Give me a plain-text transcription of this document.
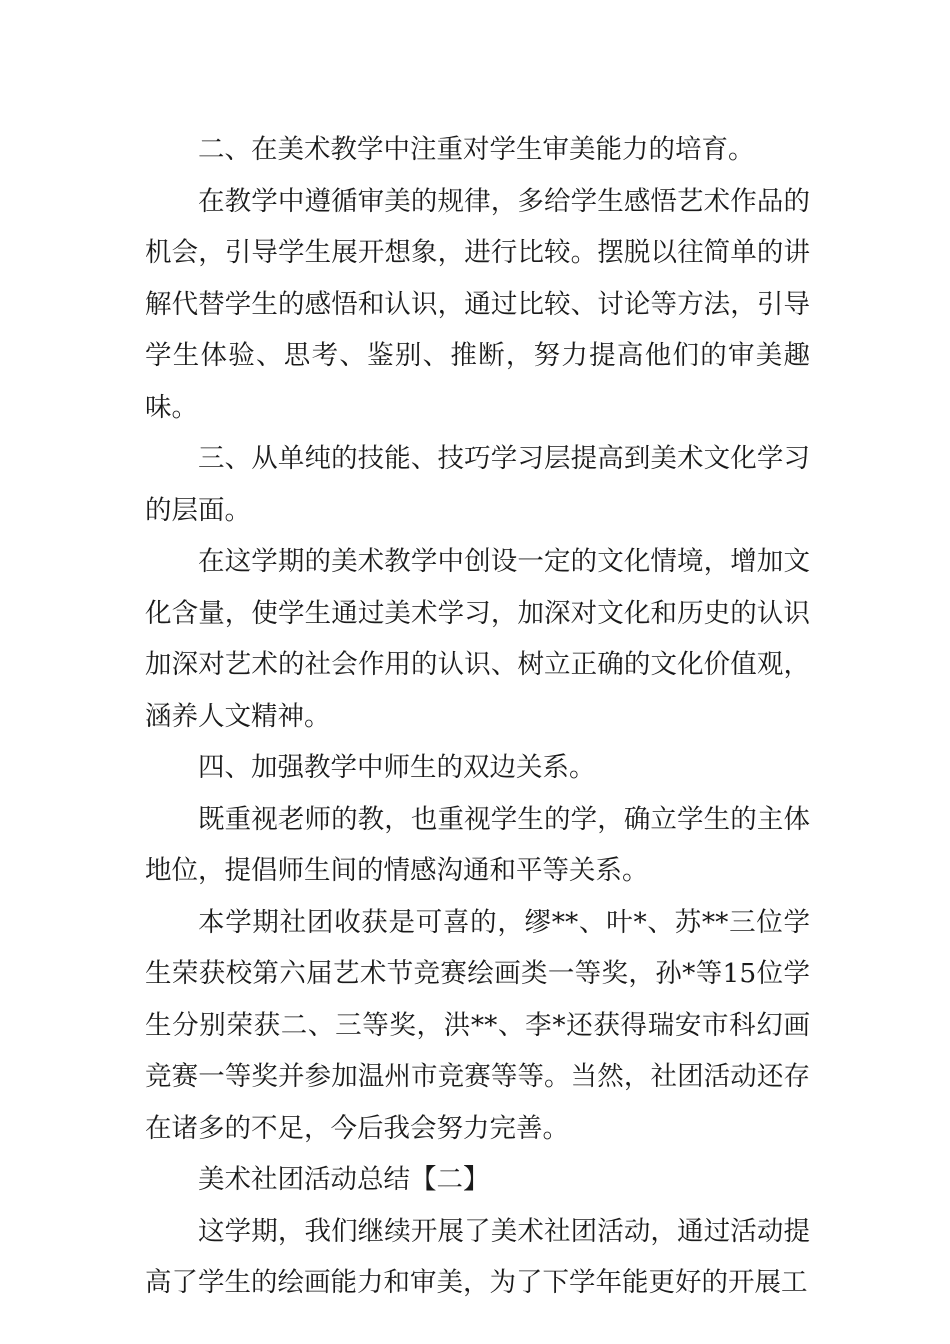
二、在美术教学中注重对学生审美能力的培育。

在教学中遵循审美的规律，多给学生感悟艺术作品的机会，引导学生展开想象，进行比较。摆脱以往简单的讲解代替学生的感悟和认识，通过比较、讨论等方法，引导学生体验、思考、鉴别、推断，努力提高他们的审美趣味。

三、从单纯的技能、技巧学习层提高到美术文化学习的层面。

在这学期的美术教学中创设一定的文化情境，增加文化含量，使学生通过美术学习，加深对文化和历史的认识加深对艺术的社会作用的认识、树立正确的文化价值观，涵养人文精神。

四、加强教学中师生的双边关系。

既重视老师的教，也重视学生的学，确立学生的主体地位，提倡师生间的情感沟通和平等关系。

本学期社团收获是可喜的，缪**、叶*、苏**三位学生荣获校第六届艺术节竞赛绘画类一等奖，孙*等15位学生分别荣获二、三等奖，洪**、李*还获得瑞安市科幻画竞赛一等奖并参加温州市竞赛等等。当然，社团活动还存在诸多的不足，今后我会努力完善。

美术社团活动总结【二】

这学期，我们继续开展了美术社团活动，通过活动提高了学生的绘画能力和审美，为了下学年能更好的开展工
